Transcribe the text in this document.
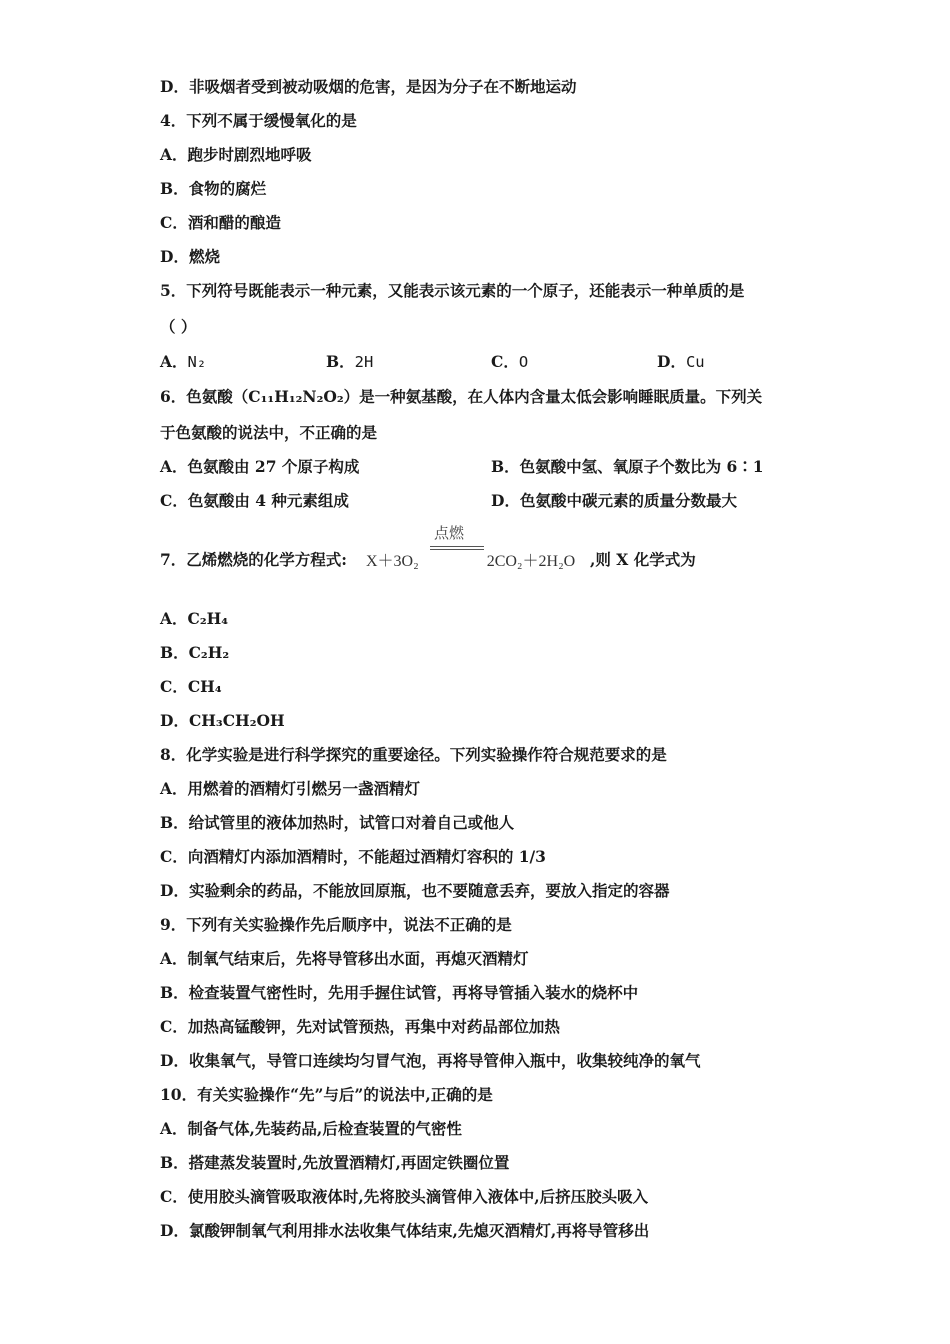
D．非吸烟者受到被动吸烟的危害，是因为分子在不断地运动
4．下列不属于缓慢氧化的是
A．跑步时剧烈地呼吸
B．食物的腐烂
C．酒和醋的酿造
D．燃烧
5．下列符号既能表示一种元素，又能表示该元素的一个原子，还能表示一种单质的是
（ ）
A．N₂	B．2H	C．O	D．Cu
6．色氨酸（C₁₁H₁₂N₂O₂）是一种氨基酸，在人体内含量太低会影响睡眠质量。下列关
于色氨酸的说法中，不正确的是
A．色氨酸由 27 个原子构成	B．色氨酸中氢、氧原子个数比为 6∶1
C．色氨酸由 4 种元素组成	D．色氨酸中碳元素的质量分数最大
7．乙烯燃烧的化学方程式: X＋3O₂
点燃
2CO₂＋2H₂O ,则 X 化学式为
A．C₂H₄
B．C₂H₂
C．CH₄
D．CH₃CH₂OH
8．化学实验是进行科学探究的重要途径。下列实验操作符合规范要求的是
A．用燃着的酒精灯引燃另一盏酒精灯
B．给试管里的液体加热时，试管口对着自己或他人
C．向酒精灯内添加酒精时，不能超过酒精灯容积的 1/3
D．实验剩余的药品，不能放回原瓶，也不要随意丢弃，要放入指定的容器
9．下列有关实验操作先后顺序中，说法不正确的是
A．制氧气结束后，先将导管移出水面，再熄灭酒精灯
B．检查装置气密性时，先用手握住试管，再将导管插入装水的烧杯中
C．加热高锰酸钾，先对试管预热，再集中对药品部位加热
D．收集氧气，导管口连续均匀冒气泡，再将导管伸入瓶中，收集较纯净的氧气
10．有关实验操作“先”与后”的说法中,正确的是
A．制备气体,先装药品,后检查装置的气密性
B．搭建蒸发装置时,先放置酒精灯,再固定铁圈位置
C．使用胶头滴管吸取液体时,先将胶头滴管伸入液体中,后挤压胶头吸入
D．氯酸钾制氧气利用排水法收集气体结束,先熄灭酒精灯,再将导管移出
